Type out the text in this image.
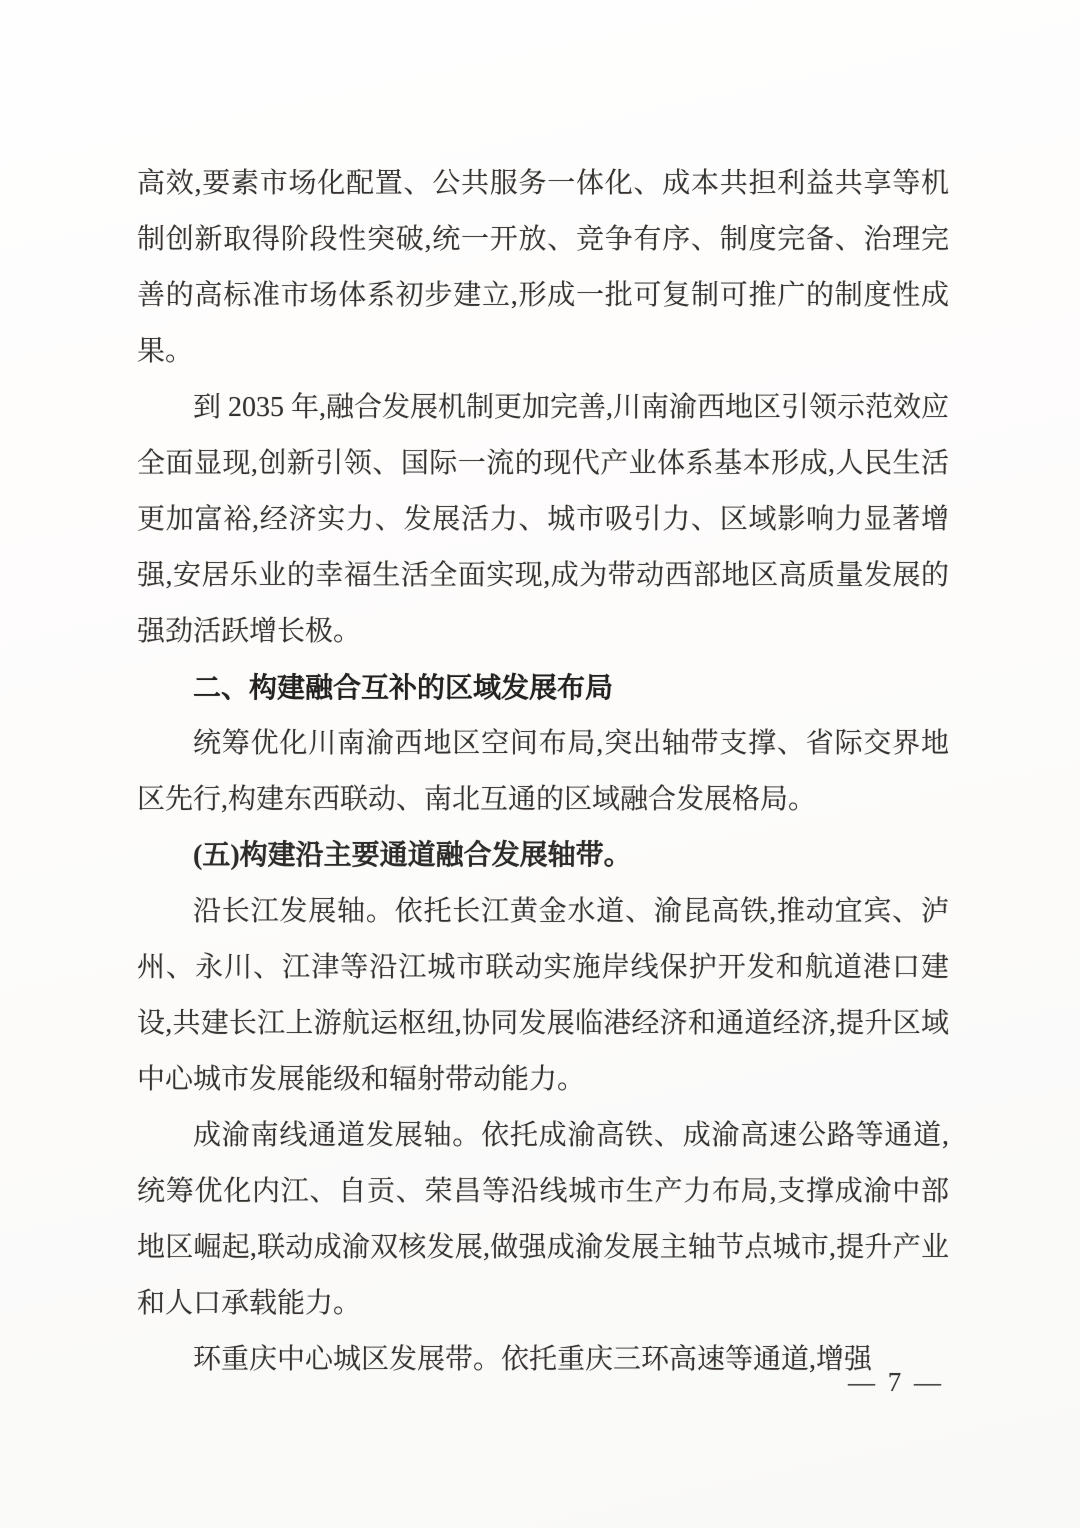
高效,要素市场化配置、公共服务一体化、成本共担利益共享等机制创新取得阶段性突破,统一开放、竞争有序、制度完备、治理完善的高标准市场体系初步建立,形成一批可复制可推广的制度性成果。

到 2035 年,融合发展机制更加完善,川南渝西地区引领示范效应全面显现,创新引领、国际一流的现代产业体系基本形成,人民生活更加富裕,经济实力、发展活力、城市吸引力、区域影响力显著增强,安居乐业的幸福生活全面实现,成为带动西部地区高质量发展的强劲活跃增长极。

二、构建融合互补的区域发展布局

统筹优化川南渝西地区空间布局,突出轴带支撑、省际交界地区先行,构建东西联动、南北互通的区域融合发展格局。

(五)构建沿主要通道融合发展轴带。

沿长江发展轴。依托长江黄金水道、渝昆高铁,推动宜宾、泸州、永川、江津等沿江城市联动实施岸线保护开发和航道港口建设,共建长江上游航运枢纽,协同发展临港经济和通道经济,提升区域中心城市发展能级和辐射带动能力。

成渝南线通道发展轴。依托成渝高铁、成渝高速公路等通道,统筹优化内江、自贡、荣昌等沿线城市生产力布局,支撑成渝中部地区崛起,联动成渝双核发展,做强成渝发展主轴节点城市,提升产业和人口承载能力。

环重庆中心城区发展带。依托重庆三环高速等通道,增强

— 7 —
